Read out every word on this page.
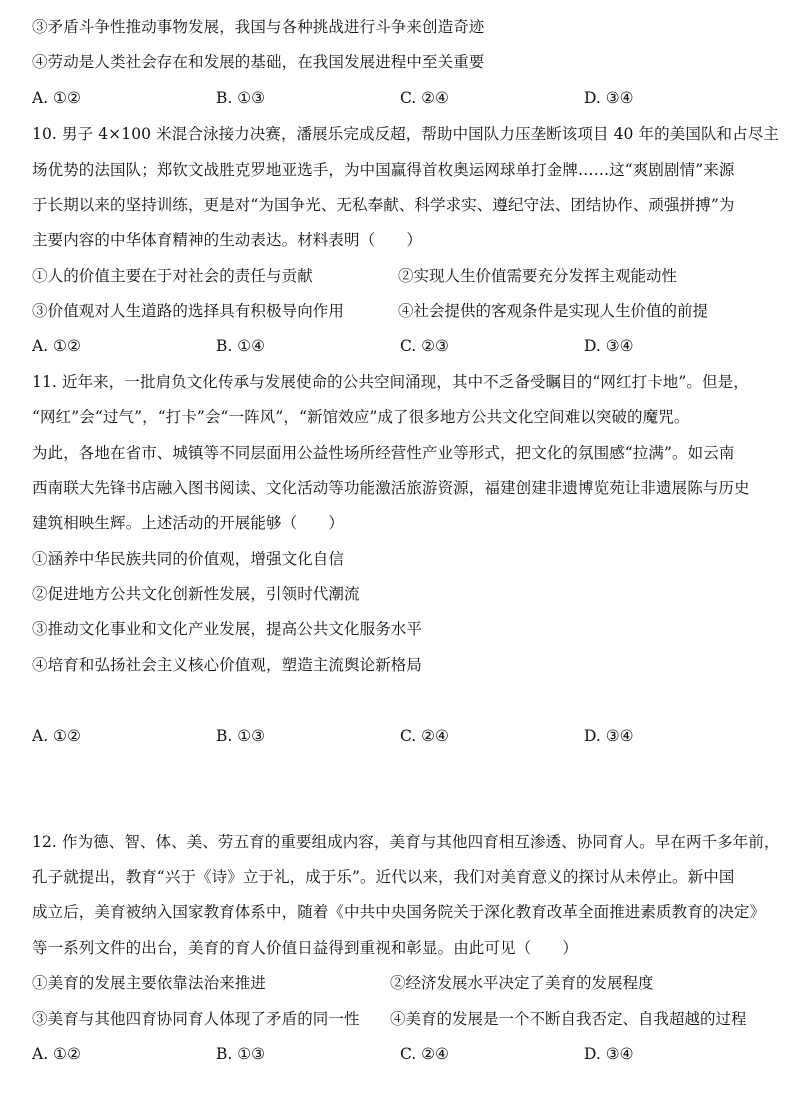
③矛盾斗争性推动事物发展，我国与各种挑战进行斗争来创造奇迹
④劳动是人类社会存在和发展的基础，在我国发展进程中至关重要
A. ①②	B. ①③	C. ②④	D. ③④
10. 男子 4×100 米混合泳接力决赛，潘展乐完成反超，帮助中国队力压垄断该项目 40 年的美国队和占尽主
场优势的法国队；郑钦文战胜克罗地亚选手，为中国赢得首枚奥运网球单打金牌……这“爽剧剧情”来源
于长期以来的坚持训练，更是对“为国争光、无私奉献、科学求实、遵纪守法、团结协作、顽强拼搏”为
主要内容的中华体育精神的生动表达。材料表明（　　）
①人的价值主要在于对社会的责任与贡献	②实现人生价值需要充分发挥主观能动性
③价值观对人生道路的选择具有积极导向作用	④社会提供的客观条件是实现人生价值的前提
A. ①②	B. ①④	C. ②③	D. ③④
11. 近年来，一批肩负文化传承与发展使命的公共空间涌现，其中不乏备受瞩目的“网红打卡地”。但是，
“网红”会“过气”，“打卡”会“一阵风”，“新馆效应”成了很多地方公共文化空间难以突破的魔咒。
为此，各地在省市、城镇等不同层面用公益性场所经营性产业等形式，把文化的氛围感“拉满”。如云南
西南联大先锋书店融入图书阅读、文化活动等功能激活旅游资源，福建创建非遗博览苑让非遗展陈与历史
建筑相映生辉。上述活动的开展能够（　　）
①涵养中华民族共同的价值观，增强文化自信
②促进地方公共文化创新性发展，引领时代潮流
③推动文化事业和文化产业发展，提高公共文化服务水平
④培育和弘扬社会主义核心价值观，塑造主流舆论新格局
A. ①②	B. ①③	C. ②④	D. ③④
12. 作为德、智、体、美、劳五育的重要组成内容，美育与其他四育相互渗透、协同育人。早在两千多年前，
孔子就提出，教育“兴于《诗》立于礼，成于乐”。近代以来，我们对美育意义的探讨从未停止。新中国
成立后，美育被纳入国家教育体系中，随着《中共中央国务院关于深化教育改革全面推进素质教育的决定》
等一系列文件的出台，美育的育人价值日益得到重视和彰显。由此可见（　　）
①美育的发展主要依靠法治来推进	②经济发展水平决定了美育的发展程度
③美育与其他四育协同育人体现了矛盾的同一性	④美育的发展是一个不断自我否定、自我超越的过程
A. ①②	B. ①③	C. ②④	D. ③④
